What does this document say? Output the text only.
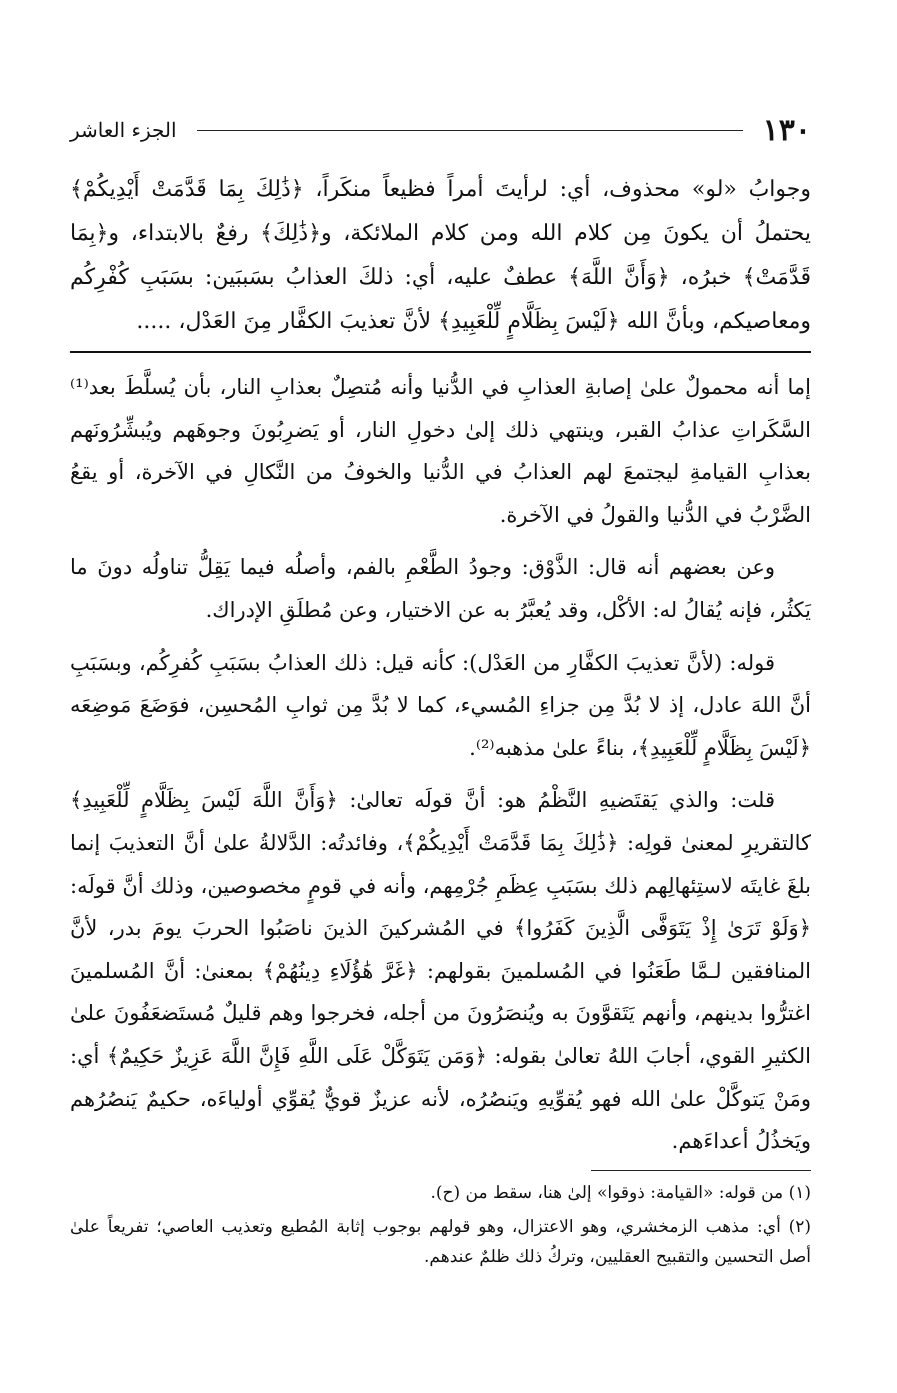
١٣٠
الجزء العاشر
وجوابُ «لو» محذوف، أي: لرأيتَ أمراً فظيعاً منكَراً، ﴿ذَٰلِكَ بِمَا قَدَّمَتْ أَيْدِيكُمْ﴾ يحتملُ أن يكونَ مِن كلام الله ومن كلام الملائكة، و﴿ذَٰلِكَ﴾ رفعٌ بالابتداء، و﴿بِمَا قَدَّمَتْ﴾ خبرُه، ﴿وَأَنَّ اللَّهَ﴾ عطفٌ عليه، أي: ذلكَ العذابُ بسَببَين: بسَبَبِ كُفْرِكُم ومعاصيكم، وبأنَّ الله ﴿لَيْسَ بِظَلَّامٍ لِّلْعَبِيدِ﴾ لأنَّ تعذيبَ الكفَّار مِنَ العَدْل، .....

إما أنه محمولٌ علىٰ إصابةِ العذابِ في الدُّنيا وأنه مُتصِلٌ بعذابِ النار، بأن يُسلَّطَ بعد⁽¹⁾ السَّكَراتِ عذابُ القبر، وينتهي ذلك إلىٰ دخولِ النار، أو يَضرِبُونَ وجوهَهم ويُبشِّرُونَهم بعذابِ القيامةِ ليجتمعَ لهم العذابُ في الدُّنيا والخوفُ من النَّكالِ في الآخرة، أو يقعُ الضَّرْبُ في الدُّنيا والقولُ في الآخرة.

وعن بعضهم أنه قال: الذَّوْق: وجودُ الطَّعْمِ بالفم، وأصلُه فيما يَقِلُّ تناولُه دونَ ما يَكثُر، فإنه يُقالُ له: الأكْل، وقد يُعبَّرُ به عن الاختيار، وعن مُطلَقِ الإدراك.

قوله: (لأنَّ تعذيبَ الكفَّارِ من العَدْل): كأنه قيل: ذلك العذابُ بسَبَبِ كُفرِكُم، وبسَبَبِ أنَّ اللهَ عادل، إذ لا بُدَّ مِن جزاءِ المُسيء، كما لا بُدَّ مِن ثوابِ المُحسِن، فوَضَعَ مَوضِعَه ﴿لَيْسَ بِظَلَّامٍ لِّلْعَبِيدِ﴾، بناءً علىٰ مذهبه⁽²⁾.

قلت: والذي يَقتَضيهِ النَّظْمُ هو: أنَّ قولَه تعالىٰ: ﴿وَأَنَّ اللَّهَ لَيْسَ بِظَلَّامٍ لِّلْعَبِيدِ﴾ كالتقريرِ لمعنىٰ قولِه: ﴿ذَٰلِكَ بِمَا قَدَّمَتْ أَيْدِيكُمْ﴾، وفائدتُه: الدَّلالةُ علىٰ أنَّ التعذيبَ إنما بلغَ غايتَه لاستِئهالِهم ذلك بسَبَبِ عِظَمِ جُرْمِهم، وأنه في قومٍ مخصوصين، وذلك أنَّ قولَه: ﴿وَلَوْ تَرَىٰ إِذْ يَتَوَفَّى الَّذِينَ كَفَرُوا﴾ في المُشركينَ الذينَ ناصَبُوا الحربَ يومَ بدر، لأنَّ المنافقين لـمَّا طَعَنُوا في المُسلمينَ بقولهم: ﴿غَرَّ هَٰؤُلَاءِ دِينُهُمْ﴾ بمعنىٰ: أنَّ المُسلمينَ اغترُّوا بدينهم، وأنهم يَتَقوَّونَ به ويُنصَرُونَ من أجله، فخرجوا وهم قليلٌ مُستَضعَفُونَ علىٰ الكثيرِ القوي، أجابَ اللهُ تعالىٰ بقوله: ﴿وَمَن يَتَوَكَّلْ عَلَى اللَّهِ فَإِنَّ اللَّهَ عَزِيزٌ حَكِيمٌ﴾ أي: ومَنْ يَتوكَّلْ علىٰ الله فهو يُقوِّيهِ ويَنصُرُه، لأنه عزيزٌ قويٌّ يُقوِّي أولياءَه، حكيمٌ يَنصُرُهم ويَخذُلُ أعداءَهم.

(١) من قوله: «القيامة: ذوقوا» إلىٰ هنا، سقط من (ح).

(٢) أي: مذهب الزمخشري، وهو الاعتزال، وهو قولهم بوجوب إثابة المُطيع وتعذيب العاصي؛ تفريعاً علىٰ أصل التحسين والتقبيح العقليين، وتركُ ذلك ظلمٌ عندهم.
